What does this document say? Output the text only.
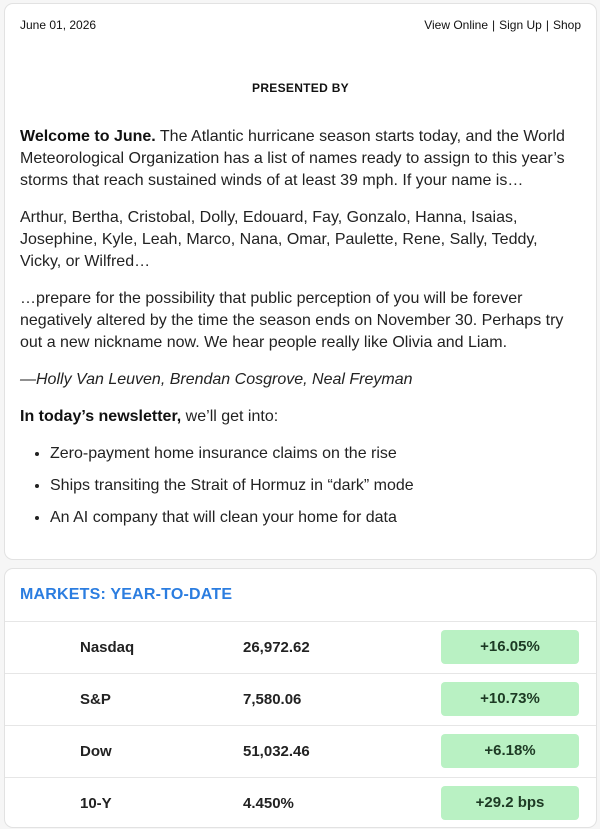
June 01, 2026	View Online | Sign Up | Shop
PRESENTED BY

Welcome to June. The Atlantic hurricane season starts today, and the World Meteorological Organization has a list of names ready to assign to this year’s storms that reach sustained winds of at least 39 mph. If your name is…

Arthur, Bertha, Cristobal, Dolly, Edouard, Fay, Gonzalo, Hanna, Isaias, Josephine, Kyle, Leah, Marco, Nana, Omar, Paulette, Rene, Sally, Teddy, Vicky, or Wilfred…

…prepare for the possibility that public perception of you will be forever negatively altered by the time the season ends on November 30. Perhaps try out a new nickname now. We hear people really like Olivia and Liam.

—Holly Van Leuven, Brendan Cosgrove, Neal Freyman

In today’s newsletter, we’ll get into:

• Zero-payment home insurance claims on the rise
• Ships transiting the Strait of Hormuz in “dark” mode
• An AI company that will clean your home for data
MARKETS: YEAR-TO-DATE
Nasdaq	26,972.62	+16.05%
S&P	7,580.06	+10.73%
Dow	51,032.46	+6.18%
10-Y	4.450%	+29.2 bps
